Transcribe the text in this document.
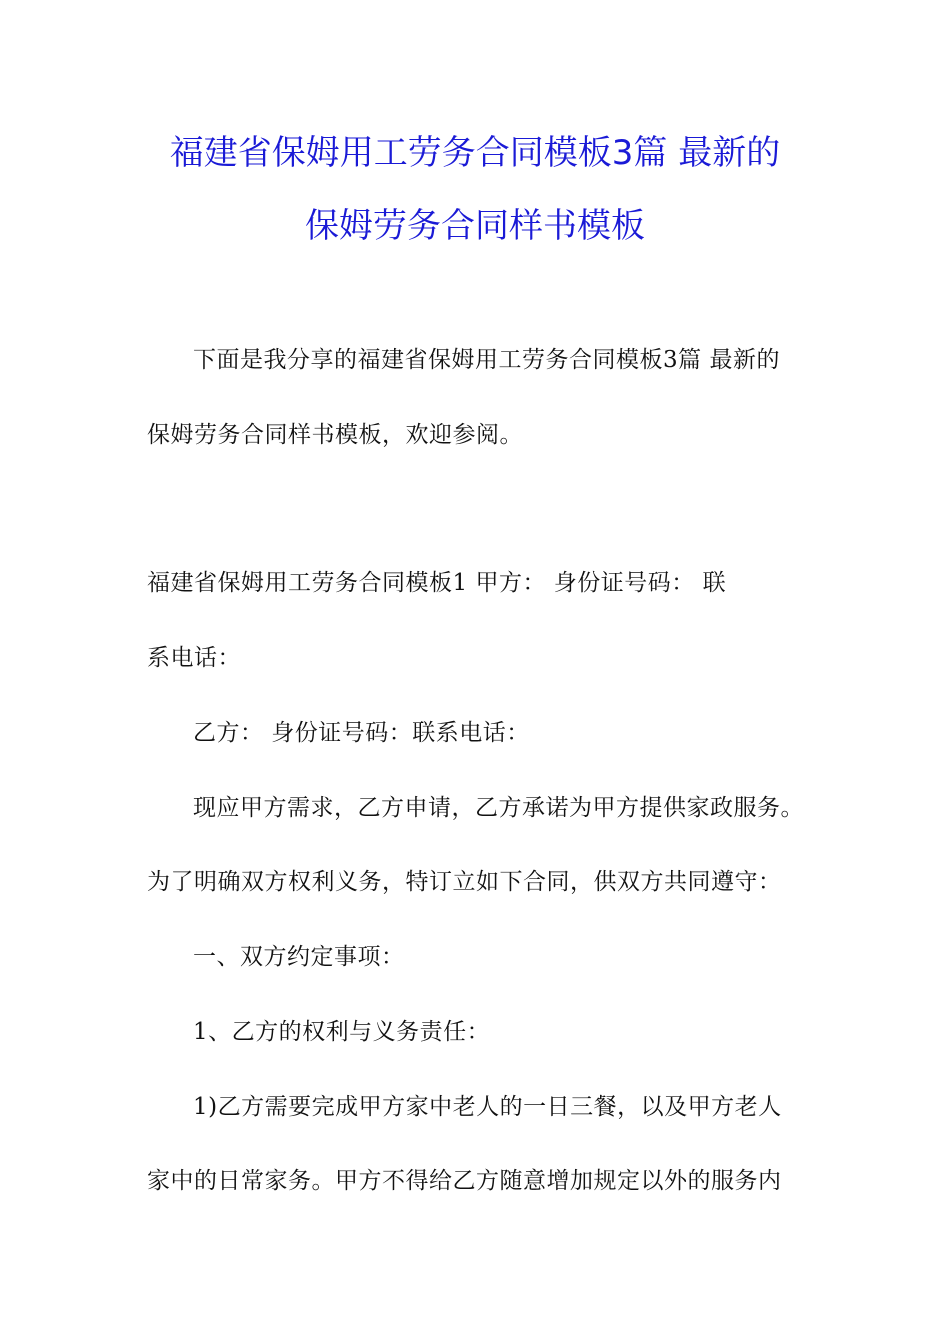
福建省保姆用工劳务合同模板3篇 最新的
保姆劳务合同样书模板
下面是我分享的福建省保姆用工劳务合同模板3篇 最新的
保姆劳务合同样书模板，欢迎参阅。
福建省保姆用工劳务合同模板1 甲方： 身份证号码： 联
系电话：
乙方： 身份证号码：联系电话：
现应甲方需求，乙方申请，乙方承诺为甲方提供家政服务。
为了明确双方权利义务，特订立如下合同，供双方共同遵守：
一、双方约定事项：
1、乙方的权利与义务责任：
1)乙方需要完成甲方家中老人的一日三餐，以及甲方老人
家中的日常家务。甲方不得给乙方随意增加规定以外的服务内
